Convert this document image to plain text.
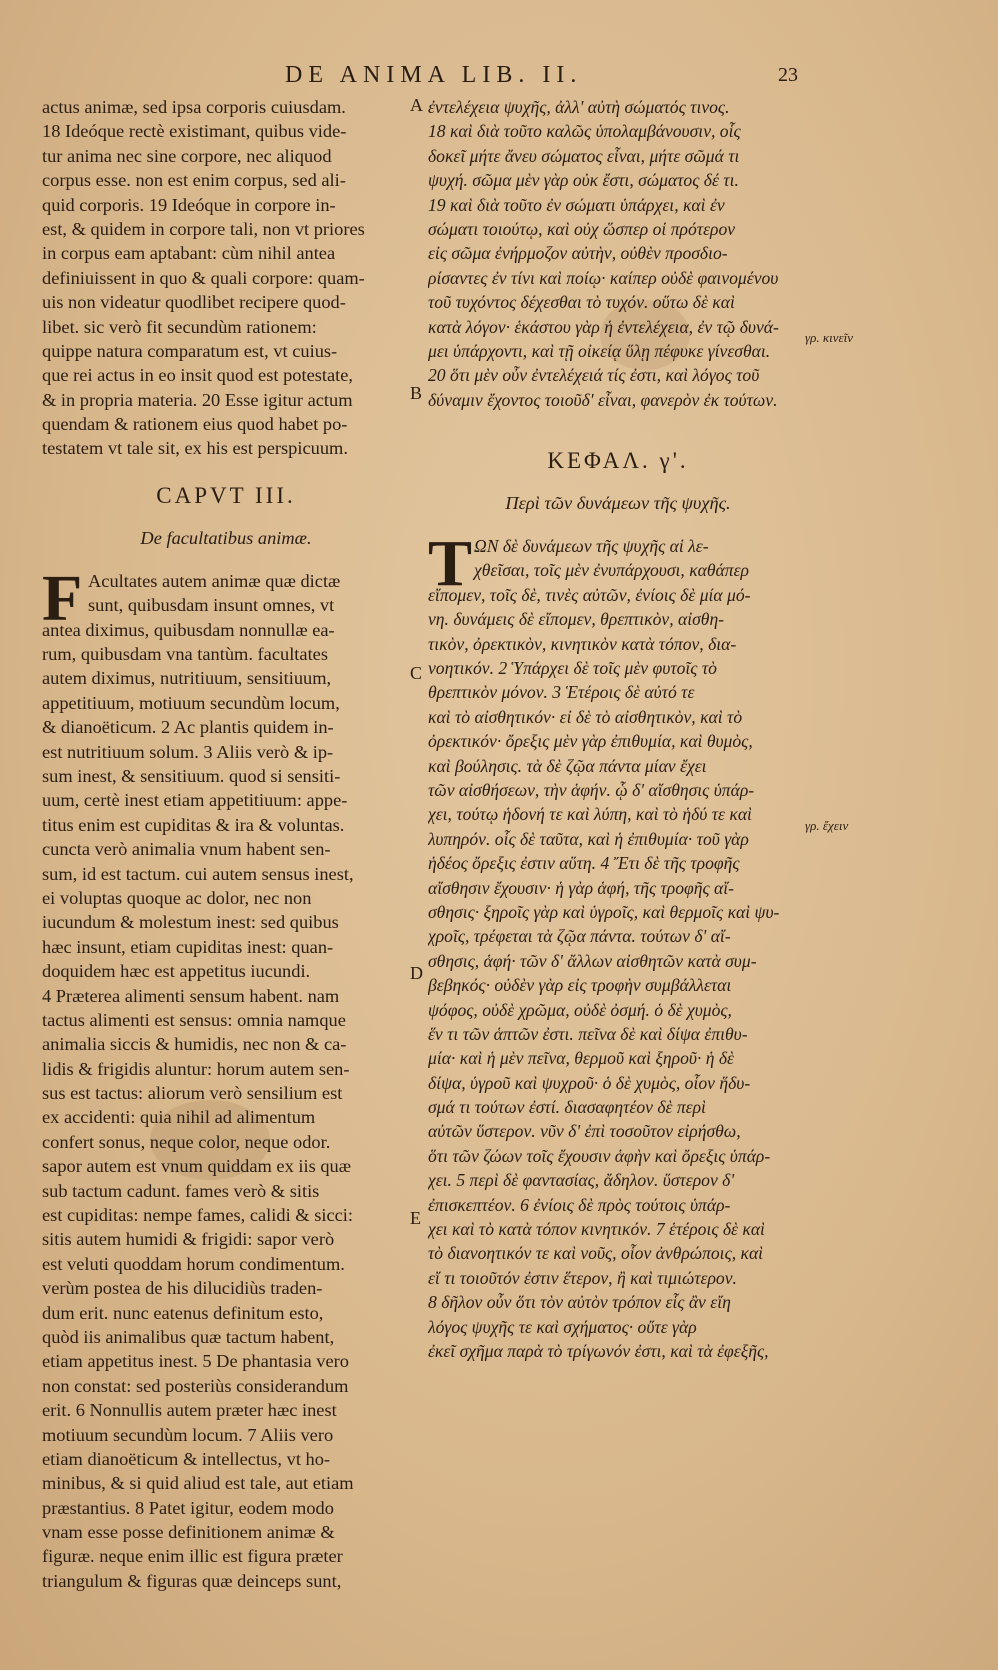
DE ANIMA LIB. II.	23
actus animæ, sed ipsa corporis cuiusdam.
18 Ideóque rectè existimant, quibus vide-
tur anima nec sine corpore, nec aliquod
corpus esse. non est enim corpus, sed ali-
quid corporis. 19 Ideóque in corpore in-
est, & quidem in corpore tali, non vt priores
in corpus eam aptabant: cùm nihil antea
definiuissent in quo & quali corpore: quam-
uis non videatur quodlibet recipere quod-
libet. sic verò fit secundùm rationem:
quippe natura comparatum est, vt cuius-
que rei actus in eo insit quod est potestate,
& in propria materia. 20 Esse igitur actum
quendam & rationem eius quod habet po-
testatem vt tale sit, ex his est perspicuum.
CAPVT III.
De facultatibus animæ.
F Acultates autem animæ quæ dictæ
sunt, quibusdam insunt omnes, vt
antea diximus, quibusdam nonnullæ ea-
rum, quibusdam vna tantùm. facultates
autem diximus, nutritiuum, sensitiuum,
appetitiuum, motiuum secundùm locum,
& dianoëticum. 2 Ac plantis quidem in-
est nutritiuum solum. 3 Aliis verò & ip-
sum inest, & sensitiuum. quod si sensiti-
uum, certè inest etiam appetitiuum: appe-
titus enim est cupiditas & ira & voluntas.
cuncta verò animalia vnum habent sen-
sum, id est tactum. cui autem sensus inest,
ei voluptas quoque ac dolor, nec non
iucundum & molestum inest: sed quibus
hæc insunt, etiam cupiditas inest: quan-
doquidem hæc est appetitus iucundi.
4 Præterea alimenti sensum habent. nam
tactus alimenti est sensus: omnia namque
animalia siccis & humidis, nec non & ca-
lidis & frigidis aluntur: horum autem sen-
sus est tactus: aliorum verò sensilium est
ex accidenti: quia nihil ad alimentum
confert sonus, neque color, neque odor.
sapor autem est vnum quiddam ex iis quæ
sub tactum cadunt. fames verò & sitis
est cupiditas: nempe fames, calidi & sicci:
sitis autem humidi & frigidi: sapor verò
est veluti quoddam horum condimentum.
verùm postea de his dilucidiùs traden-
dum erit. nunc eatenus definitum esto,
quòd iis animalibus quæ tactum habent,
etiam appetitus inest. 5 De phantasia vero
non constat: sed posteriùs considerandum
erit. 6 Nonnullis autem præter hæc inest
motiuum secundùm locum. 7 Aliis vero
etiam dianoëticum & intellectus, vt ho-
minibus, & si quid aliud est tale, aut etiam
præstantius. 8 Patet igitur, eodem modo
vnam esse posse definitionem animæ &
figuræ. neque enim illic est figura præter
triangulum & figuras quæ deinceps sunt,
A
B
C
D
E
ἐντελέχεια ψυχῆς, ἀλλ' αὐτὴ σώματός τινος.
18 καὶ διὰ τοῦτο καλῶς ὑπολαμβάνουσιν, οἷς
δοκεῖ μήτε ἄνευ σώματος εἶναι, μήτε σῶμά τι
ψυχή. σῶμα μὲν γὰρ οὐκ ἔστι, σώματος δέ τι.
19 καὶ διὰ τοῦτο ἐν σώματι ὑπάρχει, καὶ ἐν
σώματι τοιούτῳ, καὶ οὐχ ὥσπερ οἱ πρότερον
εἰς σῶμα ἐνήρμοζον αὐτὴν, οὐθὲν προσδιο-
ρίσαντες ἐν τίνι καὶ ποίῳ· καίπερ οὐδὲ φαινομένου
τοῦ τυχόντος δέχεσθαι τὸ τυχόν. οὕτω δὲ καὶ
κατὰ λόγον· ἑκάστου γὰρ ἡ ἐντελέχεια, ἐν τῷ δυνά-
μει ὑπάρχοντι, καὶ τῇ οἰκείᾳ ὕλῃ πέφυκε γίνεσθαι.
20 ὅτι μὲν οὖν ἐντελέχειά τίς ἐστι, καὶ λόγος τοῦ
δύναμιν ἔχοντος τοιοῦδ' εἶναι, φανερὸν ἐκ τούτων.
ΚΕΦΑΛ. γ'.
Περὶ τῶν δυνάμεων τῆς ψυχῆς.
Τ ΩΝ δὲ δυνάμεων τῆς ψυχῆς αἱ λε-
χθεῖσαι, τοῖς μὲν ἐνυπάρχουσι, καθάπερ
εἴπομεν, τοῖς δὲ, τινὲς αὐτῶν, ἐνίοις δὲ μία μό-
νη. δυνάμεις δὲ εἴπομεν, θρεπτικὸν, αἰσθη-
τικὸν, ὀρεκτικὸν, κινητικὸν κατὰ τόπον, δια-
νοητικόν. 2 Ὑπάρχει δὲ τοῖς μὲν φυτοῖς τὸ
θρεπτικὸν μόνον. 3 Ἑτέροις δὲ αὐτό τε
καὶ τὸ αἰσθητικόν· εἰ δὲ τὸ αἰσθητικὸν, καὶ τὸ
ὀρεκτικόν· ὄρεξις μὲν γὰρ ἐπιθυμία, καὶ θυμὸς,
καὶ βούλησις. τὰ δὲ ζῷα πάντα μίαν ἔχει
τῶν αἰσθήσεων, τὴν ἁφήν. ᾧ δ' αἴσθησις ὑπάρ-
χει, τούτῳ ἡδονή τε καὶ λύπη, καὶ τὸ ἡδύ τε καὶ
λυπηρόν. οἷς δὲ ταῦτα, καὶ ἡ ἐπιθυμία· τοῦ γὰρ
ἡδέος ὄρεξις ἐστιν αὕτη. 4 Ἔτι δὲ τῆς τροφῆς
αἴσθησιν ἔχουσιν· ἡ γὰρ ἁφή, τῆς τροφῆς αἴ-
σθησις· ξηροῖς γὰρ καὶ ὑγροῖς, καὶ θερμοῖς καὶ ψυ-
χροῖς, τρέφεται τὰ ζῷα πάντα. τούτων δ' αἴ-
σθησις, ἁφή· τῶν δ' ἄλλων αἰσθητῶν κατὰ συμ-
βεβηκός· οὐδὲν γὰρ εἰς τροφὴν συμβάλλεται
ψόφος, οὐδὲ χρῶμα, οὐδὲ ὀσμή. ὁ δὲ χυμὸς,
ἕν τι τῶν ἁπτῶν ἐστι. πεῖνα δὲ καὶ δίψα ἐπιθυ-
μία· καὶ ἡ μὲν πεῖνα, θερμοῦ καὶ ξηροῦ· ἡ δὲ
δίψα, ὑγροῦ καὶ ψυχροῦ· ὁ δὲ χυμὸς, οἷον ἥδυ-
σμά τι τούτων ἐστί. διασαφητέον δὲ περὶ
αὐτῶν ὕστερον. νῦν δ' ἐπὶ τοσοῦτον εἰρήσθω,
ὅτι τῶν ζώων τοῖς ἔχουσιν ἁφὴν καὶ ὄρεξις ὑπάρ-
χει. 5 περὶ δὲ φαντασίας, ἄδηλον. ὕστερον δ'
ἐπισκεπτέον. 6 ἐνίοις δὲ πρὸς τούτοις ὑπάρ-
χει καὶ τὸ κατὰ τόπον κινητικόν. 7 ἑτέροις δὲ καὶ
τὸ διανοητικόν τε καὶ νοῦς, οἷον ἀνθρώποις, καὶ
εἴ τι τοιοῦτόν ἐστιν ἕτερον, ἢ καὶ τιμιώτερον.
8 δῆλον οὖν ὅτι τὸν αὐτὸν τρόπον εἷς ἂν εἴη
λόγος ψυχῆς τε καὶ σχήματος· οὔτε γὰρ
ἐκεῖ σχῆμα παρὰ τὸ τρίγωνόν ἐστι, καὶ τὰ ἐφεξῆς,
γρ. κινεῖν
γρ. ἔχειν
